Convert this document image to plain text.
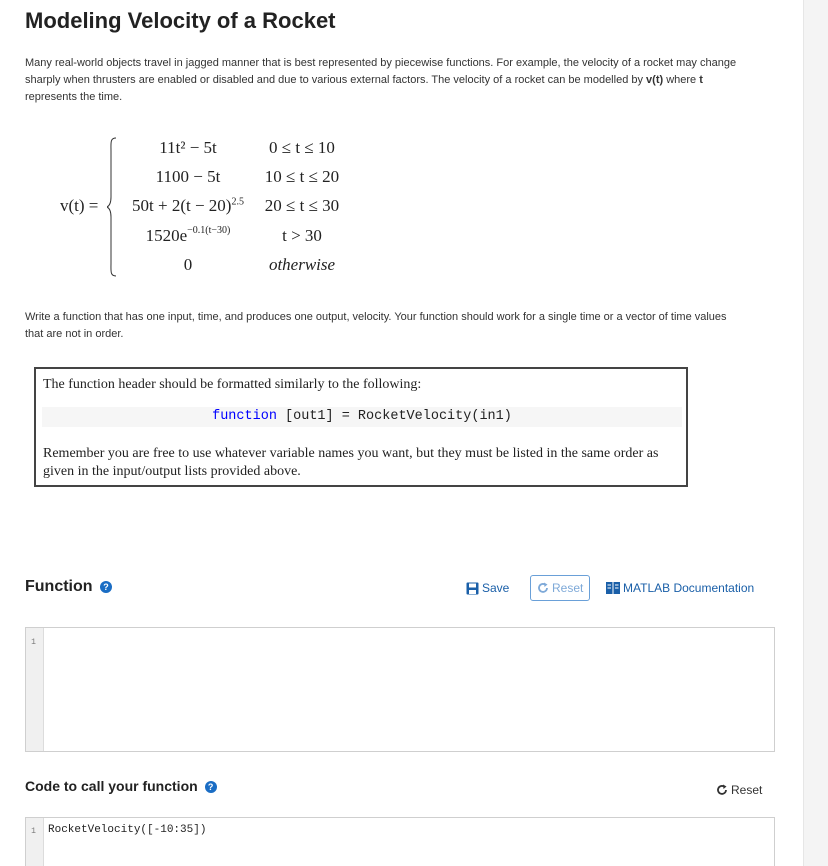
Modeling Velocity of a Rocket
Many real-world objects travel in jagged manner that is best represented by piecewise functions. For example, the velocity of a rocket may change sharply when thrusters are enabled or disabled and due to various external factors. The velocity of a rocket can be modelled by v(t) where t represents the time.
v(t) =
11t² − 5t	0 ≤ t ≤ 10
1100 − 5t	10 ≤ t ≤ 20
$50t + 2(t - 20)^{2.5}$	20 ≤ t ≤ 30
$1520e^{-0.1(t-30)}$	t > 30
0	otherwise
Write a function that has one input, time, and produces one output, velocity. Your function should work for a single time or a vector of time values that are not in order.
The function header should be formatted similarly to the following:
function [out1] = RocketVelocity(in1)
Remember you are free to use whatever variable names you want, but they must be listed in the same order as given in the input/output lists provided above.
Function ?	Save	Reset	MATLAB Documentation
1
Code to call your function ?	Reset
1	RocketVelocity([-10:35])
